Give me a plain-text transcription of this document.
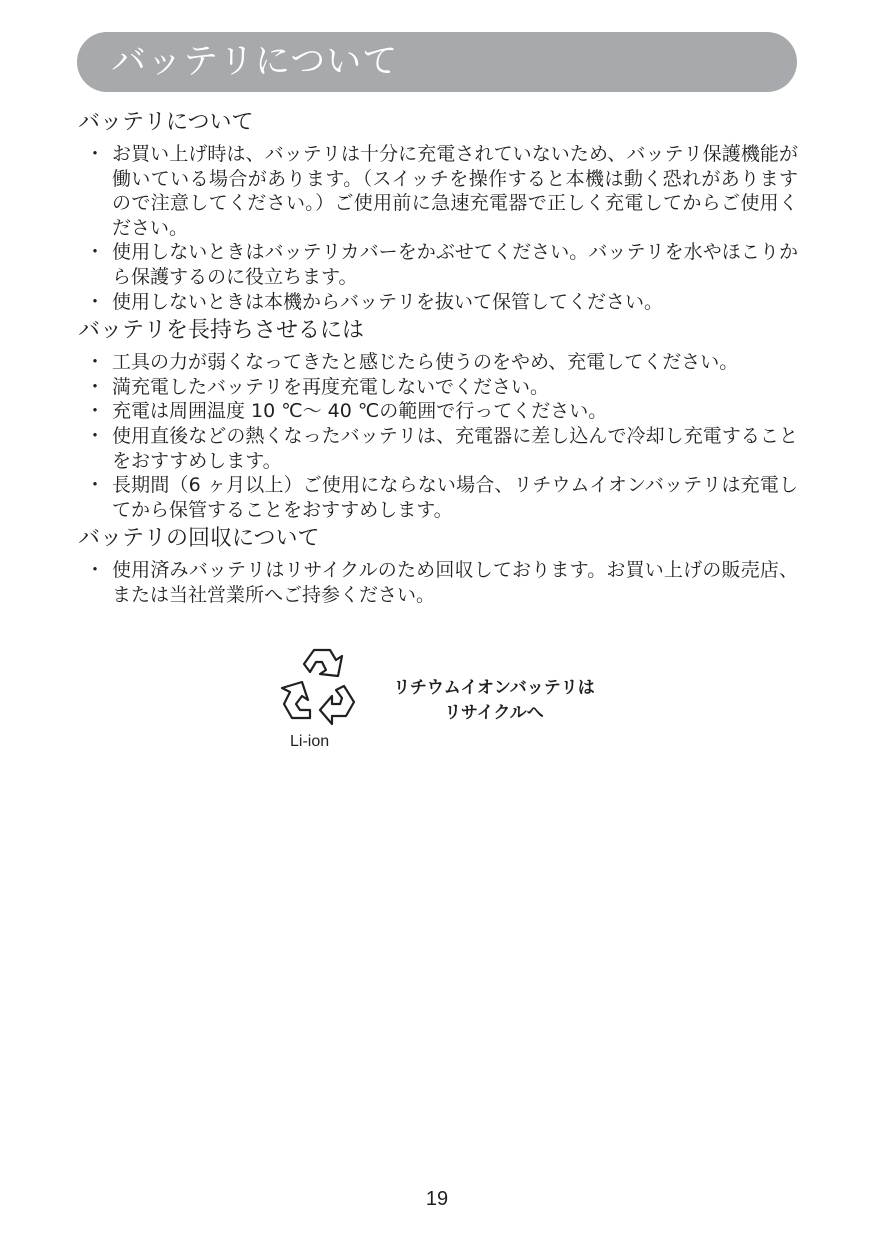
バッテリについて
バッテリについて
・ お買い上げ時は、バッテリは十分に充電されていないため、バッテリ保護機能が働いている場合があります。（スイッチを操作すると本機は動く恐れがありますので注意してください。）ご使用前に急速充電器で正しく充電してからご使用ください。
・ 使用しないときはバッテリカバーをかぶせてください。バッテリを水やほこりから保護するのに役立ちます。
・ 使用しないときは本機からバッテリを抜いて保管してください。
バッテリを長持ちさせるには
・ 工具の力が弱くなってきたと感じたら使うのをやめ、充電してください。
・ 満充電したバッテリを再度充電しないでください。
・ 充電は周囲温度 10 ℃～ 40 ℃の範囲で行ってください。
・ 使用直後などの熱くなったバッテリは、充電器に差し込んで冷却し充電することをおすすめします。
・ 長期間（6 ヶ月以上）ご使用にならない場合、リチウムイオンバッテリは充電してから保管することをおすすめします。
バッテリの回収について
・ 使用済みバッテリはリサイクルのため回収しております。お買い上げの販売店、または当社営業所へご持参ください。
Li-ion
リチウムイオンバッテリは
リサイクルへ
19
